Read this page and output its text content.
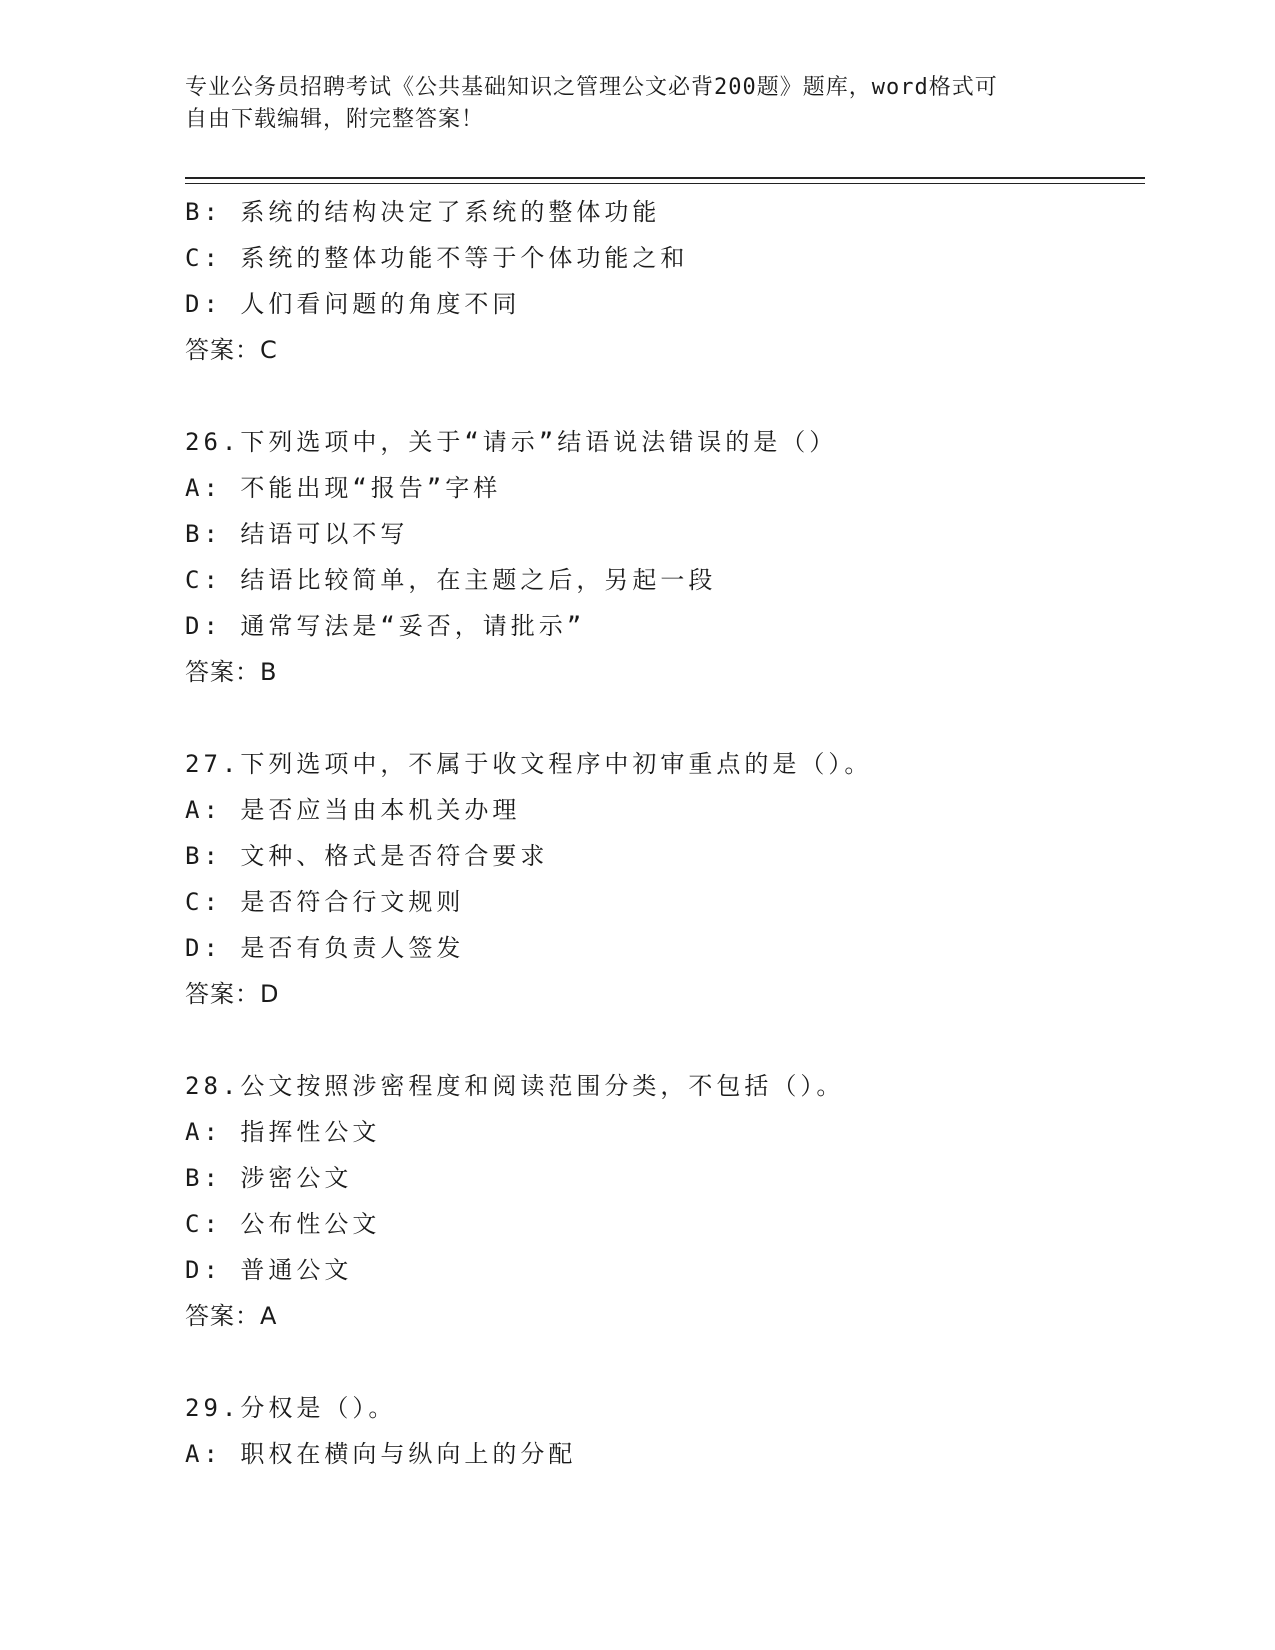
专业公务员招聘考试《公共基础知识之管理公文必背200题》题库，word格式可
自由下载编辑，附完整答案！
B: 系统的结构决定了系统的整体功能
C: 系统的整体功能不等于个体功能之和
D: 人们看问题的角度不同
答案：C
26.下列选项中，关于“请示”结语说法错误的是（）
A: 不能出现“报告”字样
B: 结语可以不写
C: 结语比较简单，在主题之后，另起一段
D: 通常写法是“妥否，请批示”
答案：B
27.下列选项中，不属于收文程序中初审重点的是（）。
A: 是否应当由本机关办理
B: 文种、格式是否符合要求
C: 是否符合行文规则
D: 是否有负责人签发
答案：D
28.公文按照涉密程度和阅读范围分类，不包括（）。
A: 指挥性公文
B: 涉密公文
C: 公布性公文
D: 普通公文
答案：A
29.分权是（）。
A: 职权在横向与纵向上的分配
